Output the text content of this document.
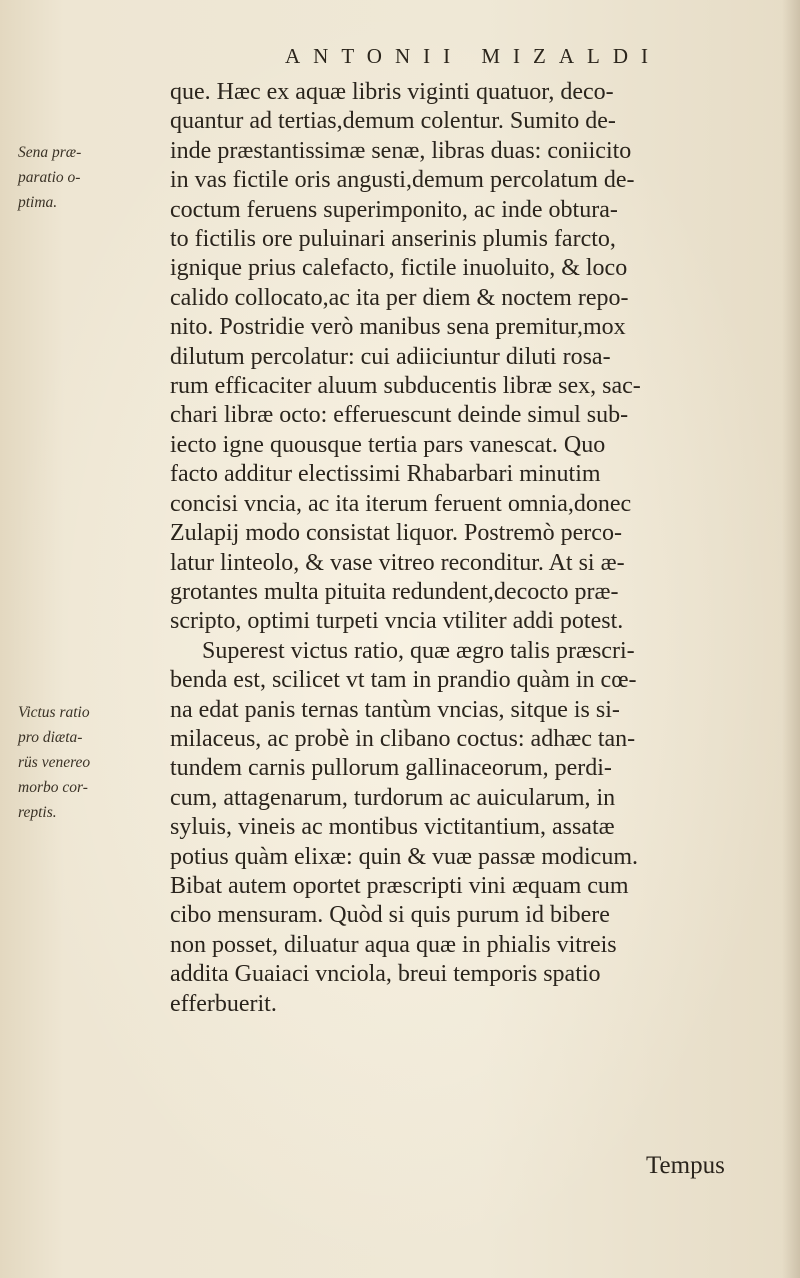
ANTONII MIZALDI
Sena præ-
paratio o-
ptima.
Victus ratio
pro diæta-
rüs venereo
morbo cor-
reptis.
que. Hæc ex aquæ libris viginti quatuor, deco-
quantur ad tertias,demum colentur. Sumito de-
inde præstantissimæ senæ, libras duas: coniicito
in vas fictile oris angusti,demum percolatum de-
coctum feruens superimponito, ac inde obtura-
to fictilis ore puluinari anserinis plumis farcto,
ignique prius calefacto, fictile inuoluito, & loco
calido collocato,ac ita per diem & noctem repo-
nito. Postridie verò manibus sena premitur,mox
dilutum percolatur: cui adiiciuntur diluti rosa-
rum efficaciter aluum subducentis libræ sex, sac-
chari libræ octo: efferuescunt deinde simul sub-
iecto igne quousque tertia pars vanescat. Quo
facto additur electissimi Rhabarbari minutim
concisi vncia, ac ita iterum feruent omnia,donec
Zulapij modo consistat liquor. Postremò perco-
latur linteolo, & vase vitreo reconditur. At si æ-
grotantes multa pituita redundent,decocto præ-
scripto, optimi turpeti vncia vtiliter addi potest.
Superest victus ratio, quæ ægro talis præscri-
benda est, scilicet vt tam in prandio quàm in cœ-
na edat panis ternas tantùm vncias, sitque is si-
milaceus, ac probè in clibano coctus: adhæc tan-
tundem carnis pullorum gallinaceorum, perdi-
cum, attagenarum, turdorum ac auicularum, in
syluis, vineis ac montibus victitantium, assatæ
potius quàm elixæ: quin & vuæ passæ modicum.
Bibat autem oportet præscripti vini æquam cum
cibo mensuram. Quòd si quis purum id bibere
non posset, diluatur aqua quæ in phialis vitreis
addita Guaiaci vnciola, breui temporis spatio
efferbuerit.
Tempus
